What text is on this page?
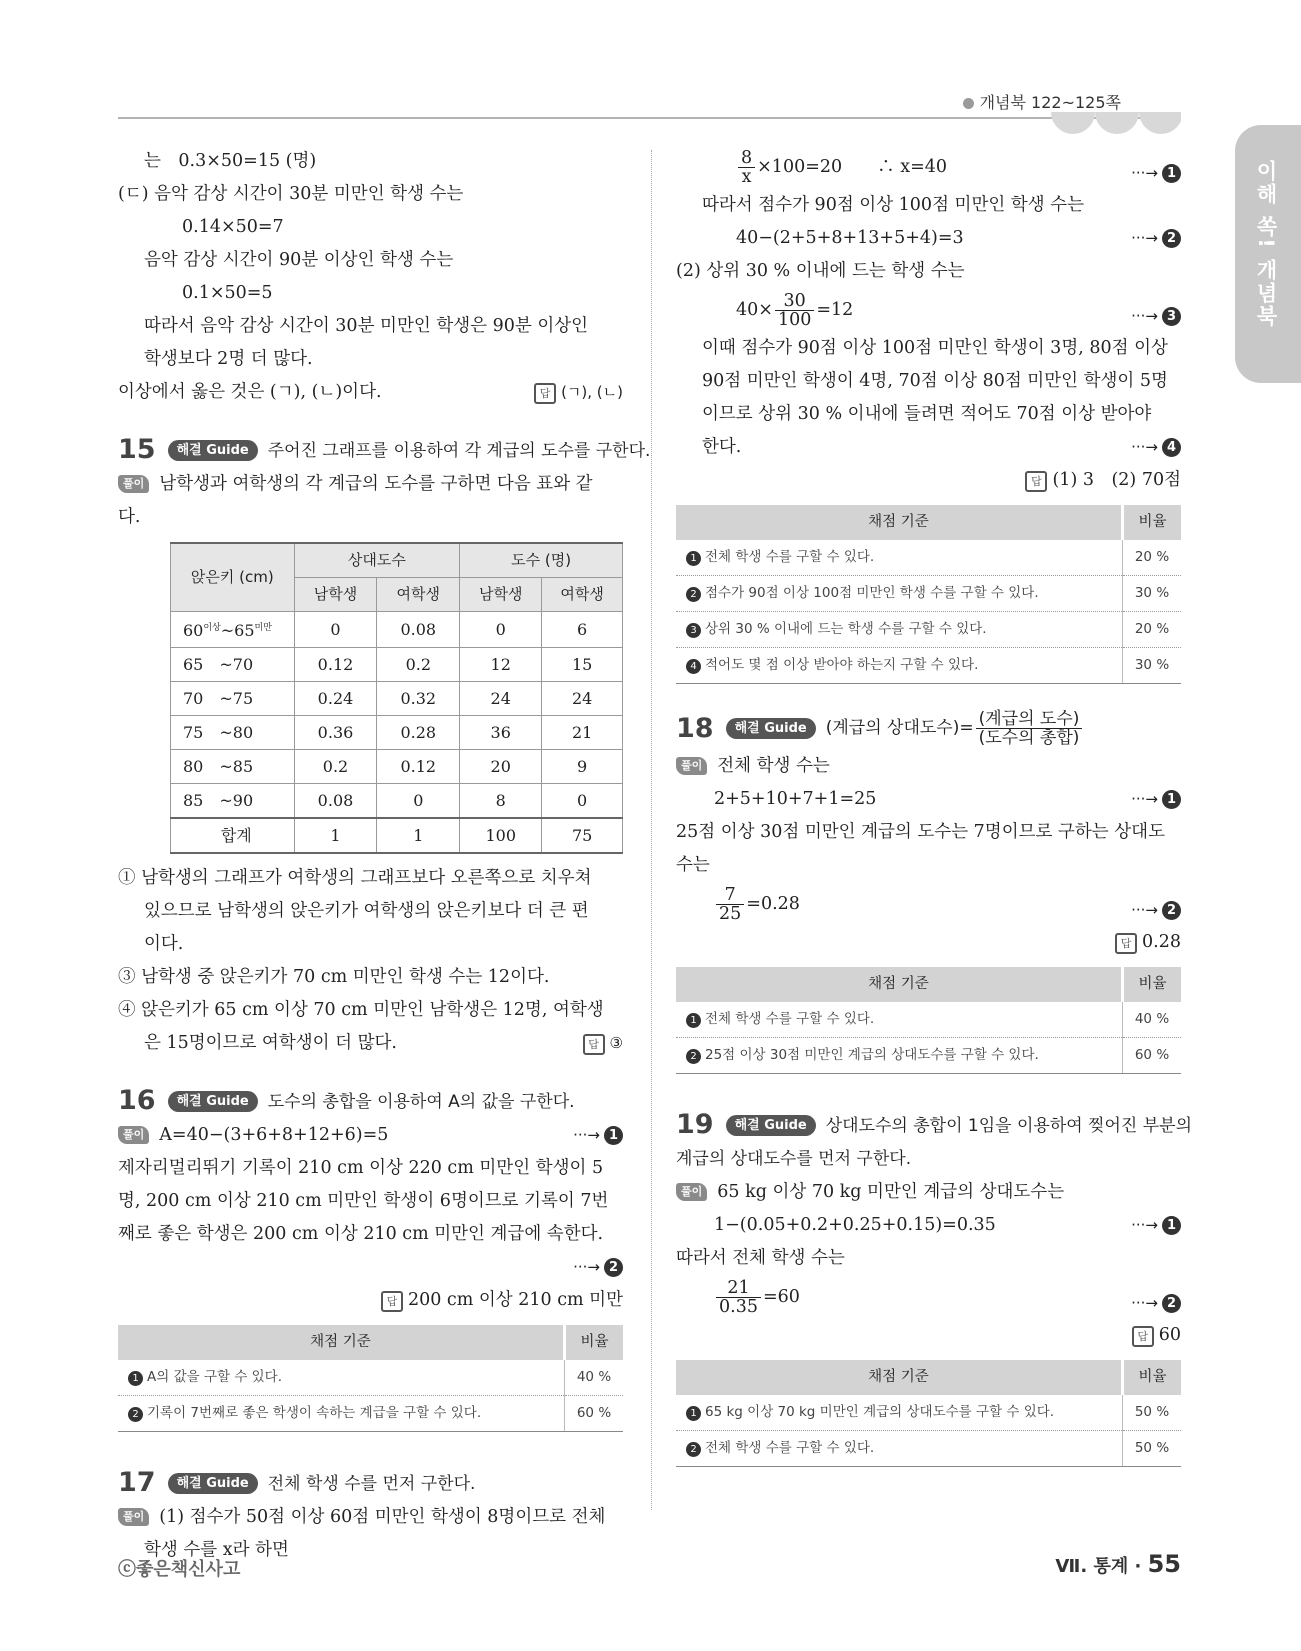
개념북 122~125쪽
이해 쏙! 개념북
는　0.3×50=15 (명)
(ㄷ) 음악 감상 시간이 30분 미만인 학생 수는
0.14×50=7
음악 감상 시간이 90분 이상인 학생 수는
0.1×50=5
따라서 음악 감상 시간이 30분 미만인 학생은 90분 이상인
학생보다 2명 더 많다.
이상에서 옳은 것은 (ㄱ), (ㄴ)이다.	답 (ㄱ), (ㄴ)
15 해결 Guide 주어진 그래프를 이용하여 각 계급의 도수를 구한다.
풀이 남학생과 여학생의 각 계급의 도수를 구하면 다음 표와 같
다.
앉은키 (cm)	상대도수		도수 (명)	
	남학생	여학생	남학생	여학생
$60^{이상}\sim 65^{미만}$	0	0.08	0	6
65　~70	0.12	0.2	12	15
70　~75	0.24	0.32	24	24
75　~80	0.36	0.28	36	21
80　~85	0.2	0.12	20	9
85　~90	0.08	0	8	0
합계	1	1	100	75
① 남학생의 그래프가 여학생의 그래프보다 오른쪽으로 치우쳐
있으므로 남학생의 앉은키가 여학생의 앉은키보다 더 큰 편
이다.
③ 남학생 중 앉은키가 70 cm 미만인 학생 수는 12이다.
④ 앉은키가 65 cm 이상 70 cm 미만인 남학생은 12명, 여학생
은 15명이므로 여학생이 더 많다.	답 ③
16 해결 Guide 도수의 총합을 이용하여 A의 값을 구한다.
풀이 A=40−(3+6+8+12+6)=5	···→ 1
제자리멀리뛰기 기록이 210 cm 이상 220 cm 미만인 학생이 5
명, 200 cm 이상 210 cm 미만인 학생이 6명이므로 기록이 7번
째로 좋은 학생은 200 cm 이상 210 cm 미만인 계급에 속한다.
···→ 2
답 200 cm 이상 210 cm 미만
채점 기준	비율
1 A의 값을 구할 수 있다.	40 %
2 기록이 7번째로 좋은 학생이 속하는 계급을 구할 수 있다.	60 %
17 해결 Guide 전체 학생 수를 먼저 구한다.
풀이 (1) 점수가 50점 이상 60점 미만인 학생이 8명이므로 전체
학생 수를 x라 하면
$\frac{8}{x} \times 100=20$　　∴ x=40	···→ 1
따라서 점수가 90점 이상 100점 미만인 학생 수는
40−(2+5+8+13+5+4)=3	···→ 2
(2) 상위 30 % 이내에 드는 학생 수는
$40\times \frac{30}{100} =12$	···→ 3
이때 점수가 90점 이상 100점 미만인 학생이 3명, 80점 이상
90점 미만인 학생이 4명, 70점 이상 80점 미만인 학생이 5명
이므로 상위 30 % 이내에 들려면 적어도 70점 이상 받아야
한다.	···→ 4
답 (1) 3　(2) 70점
채점 기준	비율
1 전체 학생 수를 구할 수 있다.	20 %
2 점수가 90점 이상 100점 미만인 학생 수를 구할 수 있다.	30 %
3 상위 30 % 이내에 드는 학생 수를 구할 수 있다.	20 %
4 적어도 몇 점 이상 받아야 하는지 구할 수 있다.	30 %
18	해결 Guide	(계급의 상대도수)= $\frac{\text{(계급의 도수)}}{\text{(도수의 총합)}}$
풀이 전체 학생 수는
2+5+10+7+1=25	···→ 1
25점 이상 30점 미만인 계급의 도수는 7명이므로 구하는 상대도
수는
$\frac{7}{25} =0.28$	···→ 2
답 0.28
채점 기준	비율
1 전체 학생 수를 구할 수 있다.	40 %
2 25점 이상 30점 미만인 계급의 상대도수를 구할 수 있다.	60 %
19 해결 Guide 상대도수의 총합이 1임을 이용하여 찢어진 부분의
계급의 상대도수를 먼저 구한다.
풀이 65 kg 이상 70 kg 미만인 계급의 상대도수는
1−(0.05+0.2+0.25+0.15)=0.35	···→ 1
따라서 전체 학생 수는
$\frac{21}{0.35} =60$	···→ 2
답 60
채점 기준	비율
1 65 kg 이상 70 kg 미만인 계급의 상대도수를 구할 수 있다.	50 %
2 전체 학생 수를 구할 수 있다.	50 %
ⓒ좋은책신사고	Ⅶ. 통계 · 55
